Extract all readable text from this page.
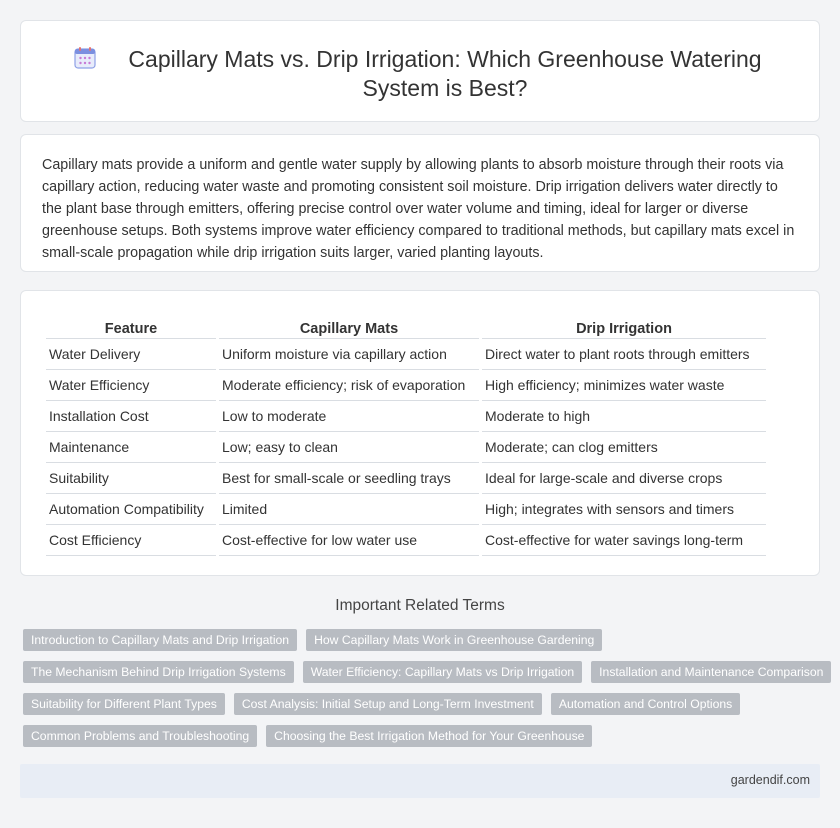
Capillary Mats vs. Drip Irrigation: Which Greenhouse Watering System is Best?

Capillary mats provide a uniform and gentle water supply by allowing plants to absorb moisture through their roots via capillary action, reducing water waste and promoting consistent soil moisture. Drip irrigation delivers water directly to the plant base through emitters, offering precise control over water volume and timing, ideal for larger or diverse greenhouse setups. Both systems improve water efficiency compared to traditional methods, but capillary mats excel in small-scale propagation while drip irrigation suits larger, varied planting layouts.

Feature	Capillary Mats	Drip Irrigation
Water Delivery	Uniform moisture via capillary action	Direct water to plant roots through emitters
Water Efficiency	Moderate efficiency; risk of evaporation	High efficiency; minimizes water waste
Installation Cost	Low to moderate	Moderate to high
Maintenance	Low; easy to clean	Moderate; can clog emitters
Suitability	Best for small-scale or seedling trays	Ideal for large-scale and diverse crops
Automation Compatibility	Limited	High; integrates with sensors and timers
Cost Efficiency	Cost-effective for low water use	Cost-effective for water savings long-term
Important Related Terms
Introduction to Capillary Mats and Drip Irrigation	How Capillary Mats Work in Greenhouse Gardening
The Mechanism Behind Drip Irrigation Systems	Water Efficiency: Capillary Mats vs Drip Irrigation	Installation and Maintenance Comparison
Suitability for Different Plant Types	Cost Analysis: Initial Setup and Long-Term Investment	Automation and Control Options
Common Problems and Troubleshooting	Choosing the Best Irrigation Method for Your Greenhouse
gardendif.com
